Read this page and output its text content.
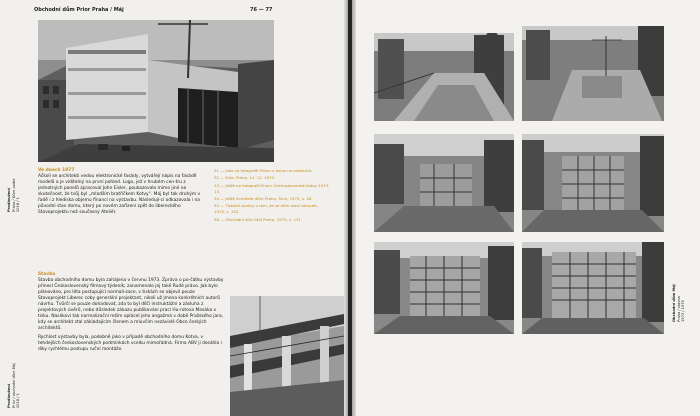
Obchodní dům Prior Praha / Máj	76 — 77
Prodloužení Praha / Dům podle 2018 / 1
Prodloužení Prior / obchodní dům Máj 2018 / 1
Ve dnech 1977

Ačkoli se architekti vedou elektronické fasády, vytvářejí nápis na fasádě modelů a je viditelný na první pohled. Logo, jež v hrubém cen-tru z jednotných panelů zpracoval John Eisler, poukazovalo mimo jiné na skutečnost, že tvůj byl „mladším bratříčkem Kotvy“. Máj byl tak druhým v řadě i z hlediska objemu financí na výstavbu. Následují-cí odkazovala i na původní stav domu, který po novém zařízení zpět do libereckého Stavoprojektu než současný Ateliér.

31 — jako na fotografii Prioru v knize na ostatních.

32 — Foto. Práce, 14. 12. 1973.

33 — Ještě na fotografii Prioru Čechoslovenské Kotvy 1973, 13.

34 — Ještě Architekt dům Praha, Štuk, 1975, s. 26.

35 — Tiskové zprávy o tom, že se dům staví zároveň, 1974, s. 152.

36 — Obchodní dům Máj Praha, 1975, s. 131.

Stavba

Stavba obchodního domu byla zahájena v červnu 1973. Zpráva o po-čátku výstavby přinesl Československý filmový týdeník; zanamenalo jej také Rudé právo. Jak bylo plánováno, pro léta postupující normali-zace, v tiskách se objevil pouze Stavoprojekt Liberec coby generální projektant, nikoli už jmena konkrétních autorů návrhu. Tvůrčí se pouze dohadovat, zda to byl dílčí instruktážní a zásluha z projektových úvěrů, nebo důsledek zákazu publikování prací Hu-rotova Masáka v tisku. Nasákovi tak normalizační režim oplácel jeho angažmá v době Pražského jara, kdy se architekt stal základajícím členem a mluvčím nezávislé Obce českých architektů.

Rychlost výstavby byla, podobně jako v případě obchodního domu Kotva, v tehdejších československých podmínkách vcelku mimořádná. Firma ABV ji dosáhla i díky rychlému postupu ruční montáže.

Obchodní dům Máj Praha / stavba 1973 / 1975
